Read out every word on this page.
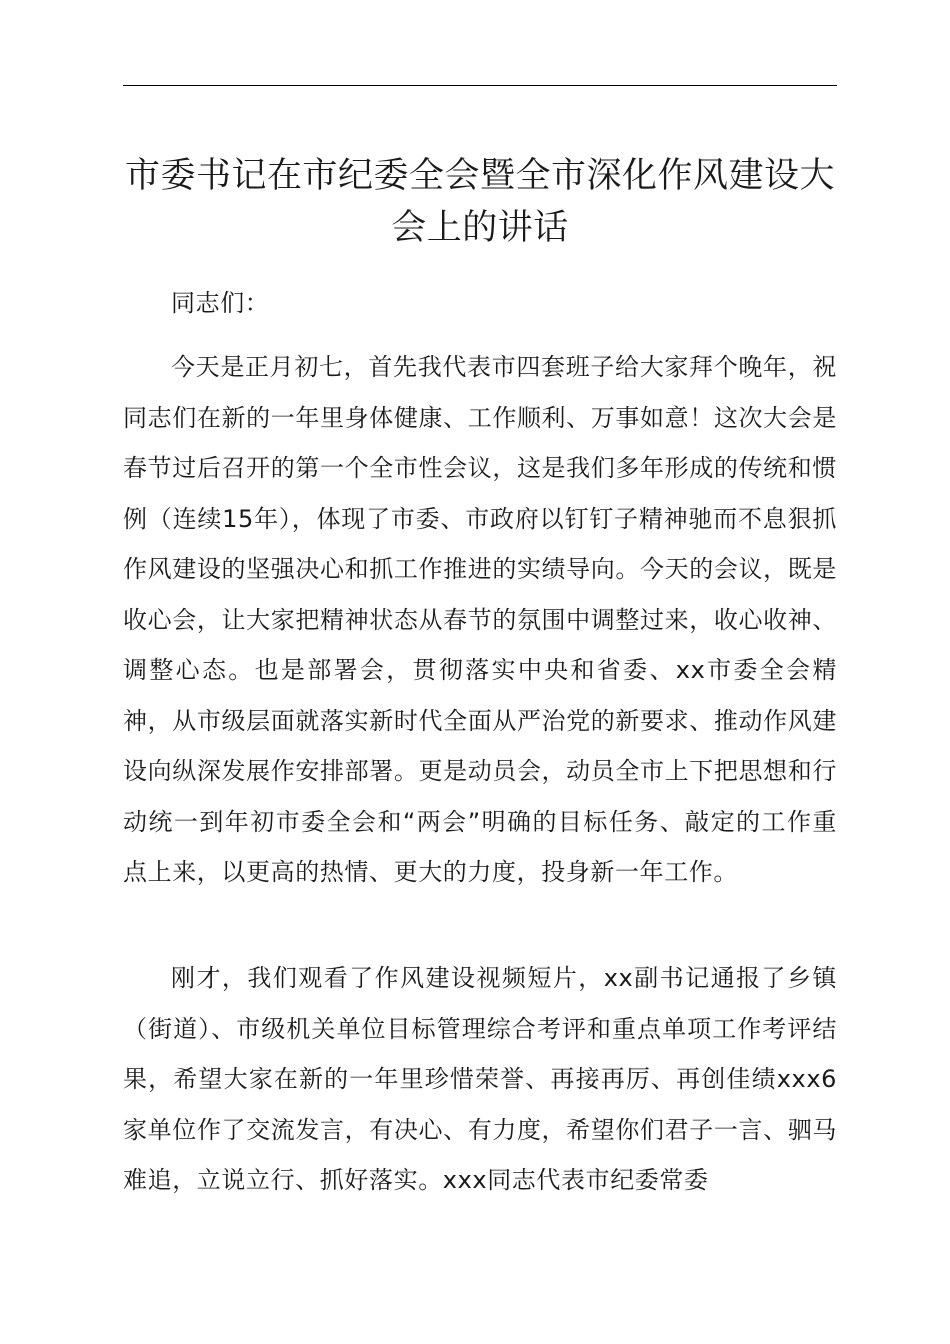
市委书记在市纪委全会暨全市深化作风建设大会上的讲话

同志们：

今天是正月初七，首先我代表市四套班子给大家拜个晚年，祝同志们在新的一年里身体健康、工作顺利、万事如意！这次大会是春节过后召开的第一个全市性会议，这是我们多年形成的传统和惯例（连续15年），体现了市委、市政府以钉钉子精神驰而不息狠抓作风建设的坚强决心和抓工作推进的实绩导向。今天的会议，既是收心会，让大家把精神状态从春节的氛围中调整过来，收心收神、调整心态。也是部署会，贯彻落实中央和省委、xx市委全会精神，从市级层面就落实新时代全面从严治党的新要求、推动作风建设向纵深发展作安排部署。更是动员会，动员全市上下把思想和行动统一到年初市委全会和“两会”明确的目标任务、敲定的工作重点上来，以更高的热情、更大的力度，投身新一年工作。

刚才，我们观看了作风建设视频短片，xx副书记通报了乡镇（街道）、市级机关单位目标管理综合考评和重点单项工作考评结果，希望大家在新的一年里珍惜荣誉、再接再厉、再创佳绩xxx6家单位作了交流发言，有决心、有力度，希望你们君子一言、驷马难追，立说立行、抓好落实。xxx同志代表市纪委常委
